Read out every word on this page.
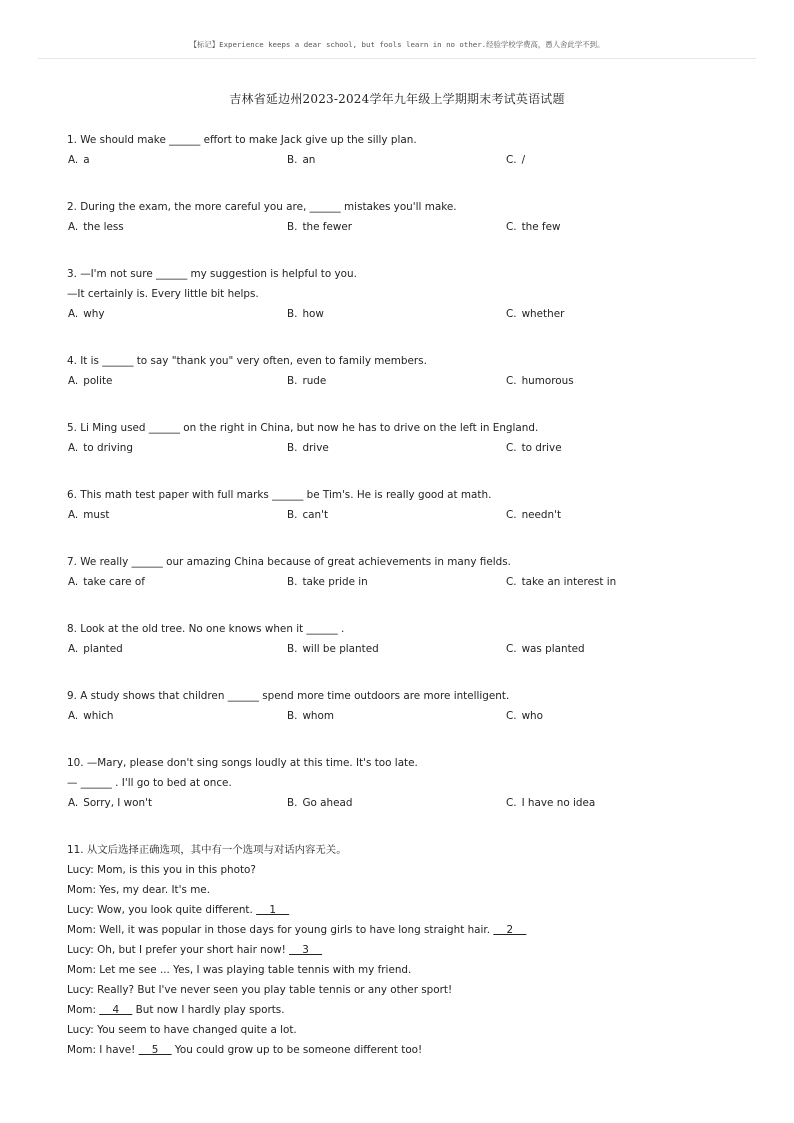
【标记】Experience keeps a dear school, but fools learn in no other.经验学校学费高，愚人舍此学不到。
吉林省延边州2023-2024学年九年级上学期期末考试英语试题
1. We should make ______ effort to make Jack give up the silly plan.
A. a	B. an	C. /
2. During the exam, the more careful you are, ______ mistakes you'll make.
A. the less	B. the fewer	C. the few
3. —I'm not sure ______ my suggestion is helpful to you.
—It certainly is. Every little bit helps.
A. why	B. how	C. whether
4. It is ______ to say "thank you" very often, even to family members.
A. polite	B. rude	C. humorous
5. Li Ming used ______ on the right in China, but now he has to drive on the left in England.
A. to driving	B. drive	C. to drive
6. This math test paper with full marks ______ be Tim's. He is really good at math.
A. must	B. can't	C. needn't
7. We really ______ our amazing China because of great achievements in many fields.
A. take care of	B. take pride in	C. take an interest in
8. Look at the old tree. No one knows when it ______ .
A. planted	B. will be planted	C. was planted
9. A study shows that children ______ spend more time outdoors are more intelligent.
A. which	B. whom	C. who
10. —Mary, please don't sing songs loudly at this time. It's too late.
— ______ . I'll go to bed at once.
A. Sorry, I won't	B. Go ahead	C. I have no idea
11. 从文后选择正确选项，其中有一个选项与对话内容无关。
Lucy: Mom, is this you in this photo?
Mom: Yes, my dear. It's me.
Lucy: Wow, you look quite different.     1
Mom: Well, it was popular in those days for young girls to have long straight hair.     2
Lucy: Oh, but I prefer your short hair now!     3
Mom: Let me see ... Yes, I was playing table tennis with my friend.
Lucy: Really? But I've never seen you play table tennis or any other sport!
Mom:     4     But now I hardly play sports.
Lucy: You seem to have changed quite a lot.
Mom: I have!     5     You could grow up to be someone different too!
